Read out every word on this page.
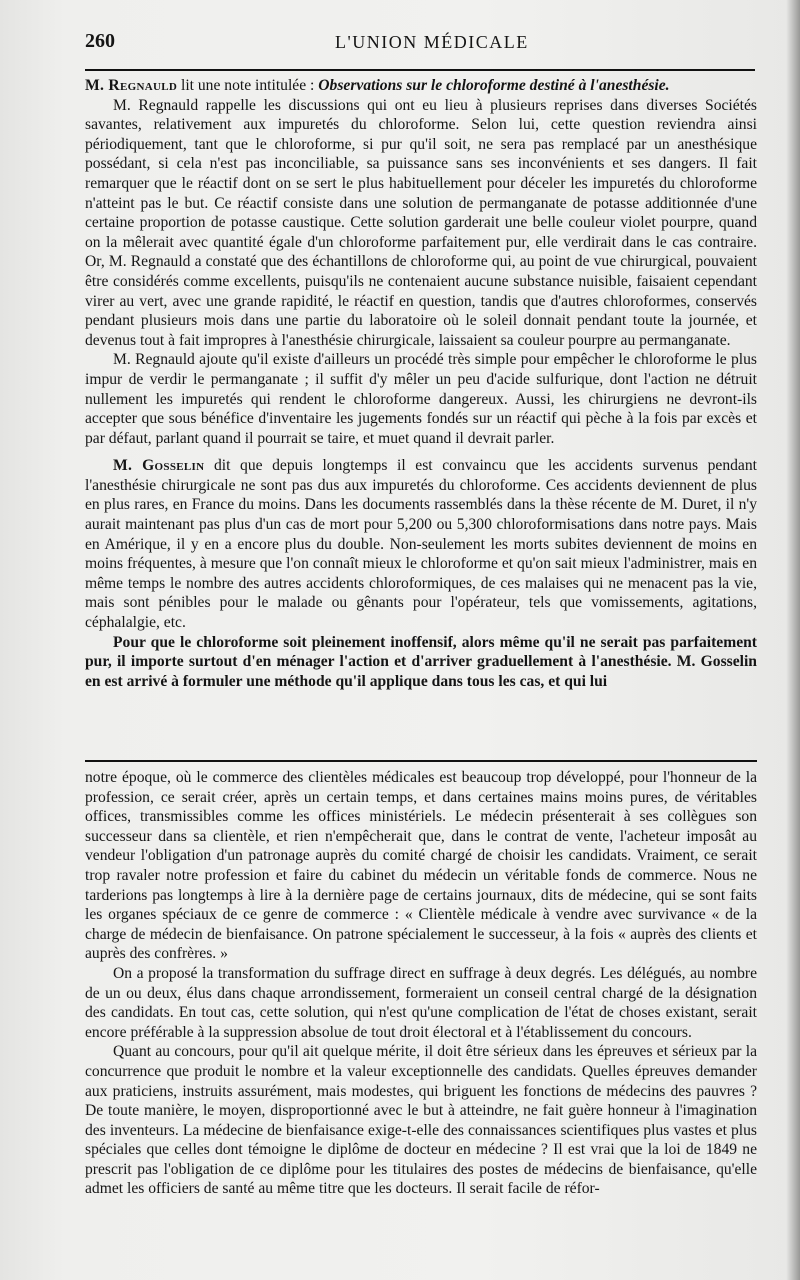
260	L'UNION MÉDICALE

M. Regnauld lit une note intitulée : Observations sur le chloroforme destiné à l'anesthésie.

M. Regnauld rappelle les discussions qui ont eu lieu à plusieurs reprises dans diverses Sociétés savantes, relativement aux impuretés du chloroforme. Selon lui, cette question reviendra ainsi périodiquement, tant que le chloroforme, si pur qu'il soit, ne sera pas remplacé par un anesthésique possédant, si cela n'est pas inconciliable, sa puissance sans ses inconvénients et ses dangers. Il fait remarquer que le réactif dont on se sert le plus habituellement pour déceler les impuretés du chloroforme n'atteint pas le but. Ce réactif consiste dans une solution de permanganate de potasse additionnée d'une certaine proportion de potasse caustique. Cette solution garderait une belle couleur violet pourpre, quand on la mêlerait avec quantité égale d'un chloroforme parfaitement pur, elle verdirait dans le cas contraire. Or, M. Regnauld a constaté que des échantillons de chloroforme qui, au point de vue chirurgical, pouvaient être considérés comme excellents, puisqu'ils ne contenaient aucune substance nuisible, faisaient cependant virer au vert, avec une grande rapidité, le réactif en question, tandis que d'autres chloroformes, conservés pendant plusieurs mois dans une partie du laboratoire où le soleil donnait pendant toute la journée, et devenus tout à fait impropres à l'anesthésie chirurgicale, laissaient sa couleur pourpre au permanganate.

M. Regnauld ajoute qu'il existe d'ailleurs un procédé très simple pour empêcher le chloroforme le plus impur de verdir le permanganate ; il suffit d'y mêler un peu d'acide sulfurique, dont l'action ne détruit nullement les impuretés qui rendent le chloroforme dangereux. Aussi, les chirurgiens ne devront-ils accepter que sous bénéfice d'inventaire les jugements fondés sur un réactif qui pèche à la fois par excès et par défaut, parlant quand il pourrait se taire, et muet quand il devrait parler.

M. Gosselin dit que depuis longtemps il est convaincu que les accidents survenus pendant l'anesthésie chirurgicale ne sont pas dus aux impuretés du chloroforme. Ces accidents deviennent de plus en plus rares, en France du moins. Dans les documents rassemblés dans la thèse récente de M. Duret, il n'y aurait maintenant pas plus d'un cas de mort pour 5,200 ou 5,300 chloroformisations dans notre pays. Mais en Amérique, il y en a encore plus du double. Non-seulement les morts subites deviennent de moins en moins fréquentes, à mesure que l'on connaît mieux le chloroforme et qu'on sait mieux l'administrer, mais en même temps le nombre des autres accidents chloroformiques, de ces malaises qui ne menacent pas la vie, mais sont pénibles pour le malade ou gênants pour l'opérateur, tels que vomissements, agitations, céphalalgie, etc.

Pour que le chloroforme soit pleinement inoffensif, alors même qu'il ne serait pas parfaitement pur, il importe surtout d'en ménager l'action et d'arriver graduellement à l'anesthésie. M. Gosselin en est arrivé à formuler une méthode qu'il applique dans tous les cas, et qui lui

notre époque, où le commerce des clientèles médicales est beaucoup trop développé, pour l'honneur de la profession, ce serait créer, après un certain temps, et dans certaines mains moins pures, de véritables offices, transmissibles comme les offices ministériels. Le médecin présenterait à ses collègues son successeur dans sa clientèle, et rien n'empêcherait que, dans le contrat de vente, l'acheteur imposât au vendeur l'obligation d'un patronage auprès du comité chargé de choisir les candidats. Vraiment, ce serait trop ravaler notre profession et faire du cabinet du médecin un véritable fonds de commerce. Nous ne tarderions pas longtemps à lire à la dernière page de certains journaux, dits de médecine, qui se sont faits les organes spéciaux de ce genre de commerce : « Clientèle médicale à vendre avec survivance « de la charge de médecin de bienfaisance. On patrone spécialement le successeur, à la fois « auprès des clients et auprès des confrères. »

On a proposé la transformation du suffrage direct en suffrage à deux degrés. Les délégués, au nombre de un ou deux, élus dans chaque arrondissement, formeraient un conseil central chargé de la désignation des candidats. En tout cas, cette solution, qui n'est qu'une complication de l'état de choses existant, serait encore préférable à la suppression absolue de tout droit électoral et à l'établissement du concours.

Quant au concours, pour qu'il ait quelque mérite, il doit être sérieux dans les épreuves et sérieux par la concurrence que produit le nombre et la valeur exceptionnelle des candidats. Quelles épreuves demander aux praticiens, instruits assurément, mais modestes, qui briguent les fonctions de médecins des pauvres ? De toute manière, le moyen, disproportionné avec le but à atteindre, ne fait guère honneur à l'imagination des inventeurs. La médecine de bienfaisance exige-t-elle des connaissances scientifiques plus vastes et plus spéciales que celles dont témoigne le diplôme de docteur en médecine ? Il est vrai que la loi de 1849 ne prescrit pas l'obligation de ce diplôme pour les titulaires des postes de médecins de bienfaisance, qu'elle admet les officiers de santé au même titre que les docteurs. Il serait facile de réfor-
